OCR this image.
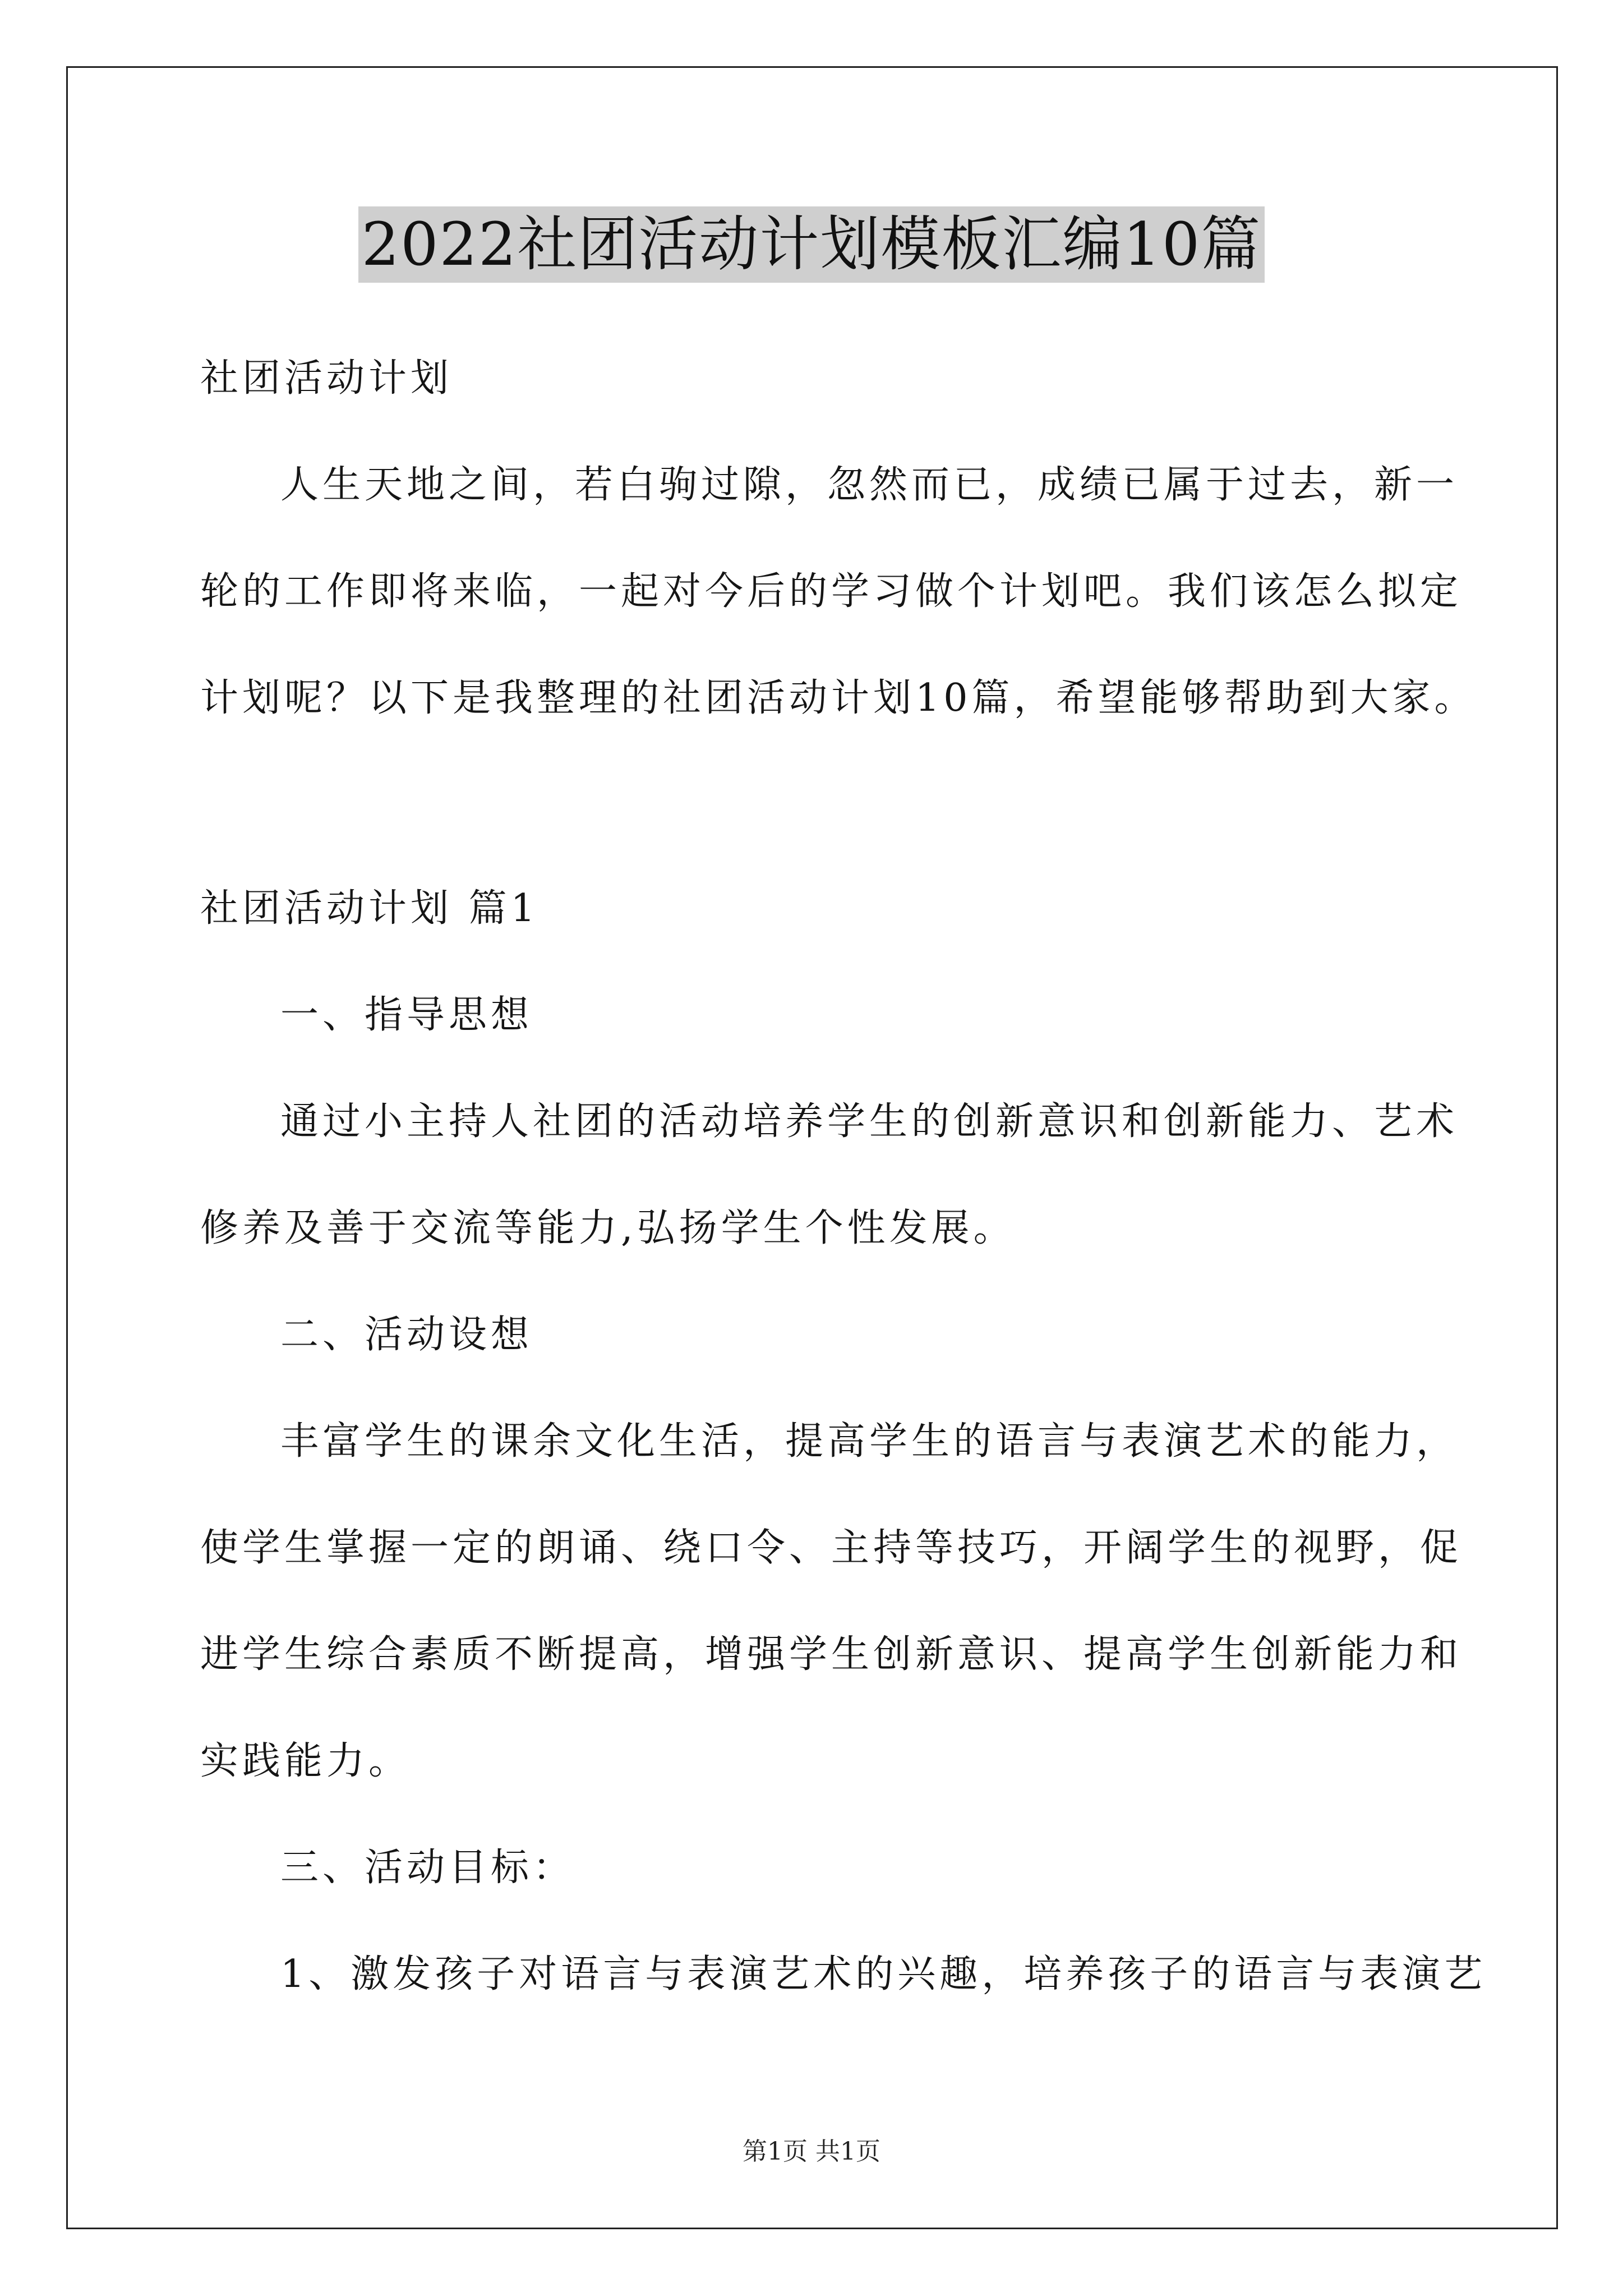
2022社团活动计划模板汇编10篇
社团活动计划
人生天地之间，若白驹过隙，忽然而已，成绩已属于过去，新一
轮的工作即将来临，一起对今后的学习做个计划吧。我们该怎么拟定
计划呢？以下是我整理的社团活动计划10篇，希望能够帮助到大家。
社团活动计划 篇1
一、指导思想
通过小主持人社团的活动培养学生的创新意识和创新能力、艺术
修养及善于交流等能力,弘扬学生个性发展。
二、活动设想
丰富学生的课余文化生活，提高学生的语言与表演艺术的能力，
使学生掌握一定的朗诵、绕口令、主持等技巧，开阔学生的视野，促
进学生综合素质不断提高，增强学生创新意识、提高学生创新能力和
实践能力。
三、活动目标：
1、激发孩子对语言与表演艺术的兴趣，培养孩子的语言与表演艺
第1页 共1页
